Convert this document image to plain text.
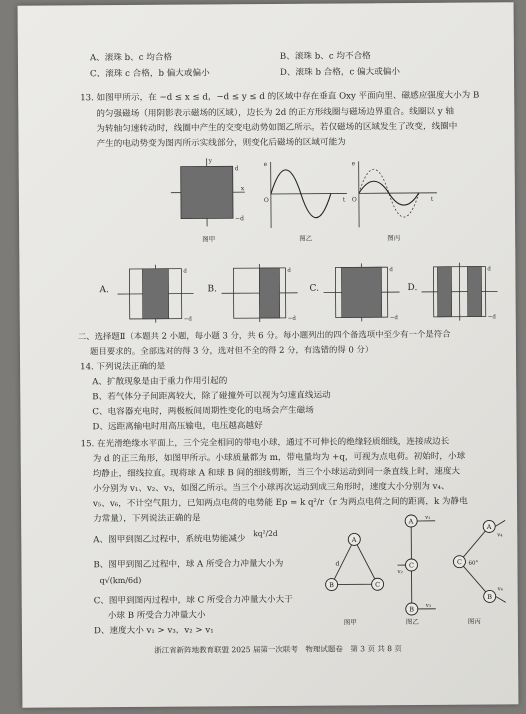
A、滚珠 b、c 均合格	B、滚珠 b、c 均不合格
C、滚珠 c 合格，b 偏大或偏小	D、滚珠 b 合格，c 偏大或偏小
13. 如图甲所示，在 −d ≤ x ≤ d，−d ≤ y ≤ d 的区域中存在垂直 Oxy 平面向里、磁感应强度大小为 B
的匀强磁场（用阴影表示磁场的区域），边长为 2d 的正方形线圈与磁场边界重合。线圈以 y 轴
为转轴匀速转动时，线圈中产生的交变电动势如图乙所示。若仅磁场的区域发生了改变，线圈中
产生的电动势变为图丙所示实线部分，则变化后磁场的区域可能为
y
x
d
−d
图甲
e
t
O
图乙
e
t
O
图丙
A.
d
−d
B.
d
−d
C.
d
−d
D.
d
−d
二、选择题Ⅱ（本题共 2 小题，每小题 3 分，共 6 分。每小题列出的四个备选项中至少有一个是符合
题目要求的。全部选对的得 3 分，选对但不全的得 2 分，有选错的得 0 分）
14. 下列说法正确的是
A、扩散现象是由于重力作用引起的
B、若气体分子间距离较大，除了碰撞外可以视为匀速直线运动
C、电容器充电时，两极板间周期性变化的电场会产生磁场
D、远距离输电时用高压输电，电压越高越好
15. 在光滑绝缘水平面上，三个完全相同的带电小球，通过不可伸长的绝缘轻质细线，连接成边长
为 d 的正三角形，如图甲所示。小球质量都为 m，带电量均为 +q，可视为点电荷。初始时，小球
均静止，细线拉直。现将球 A 和球 B 间的细线剪断，当三个小球运动到同一条直线上时，速度大
小分别为 v₁、v₂、v₃，如图乙所示。当三个小球再次运动到成三角形时，速度大小分别为 v₄、
v₅、v₆，不计空气阻力，已知两点电荷的电势能 Ep = k q²/r（r 为两点电荷之间的距离，k 为静电
力常量），下列说法正确的是
A、图甲到图乙过程中，系统电势能减少
kq²/2d
B、图甲到图乙过程中，球 A 所受合力冲量大小为
q√(km/6d)
C、图甲到图丙过程中，球 C 所受合力冲量大小大于
小球 B 所受合力冲量大小
D、速度大小 v₁ > v₃，v₂ > v₁
A
B	C
d
图甲
A
C
B
v₁
v₃
v₂
图乙
C
A
B
60°
v₄
v₆
图丙
浙江省新阵地教育联盟 2025 届第一次联考　物理试题卷　第 3 页 共 8 页
